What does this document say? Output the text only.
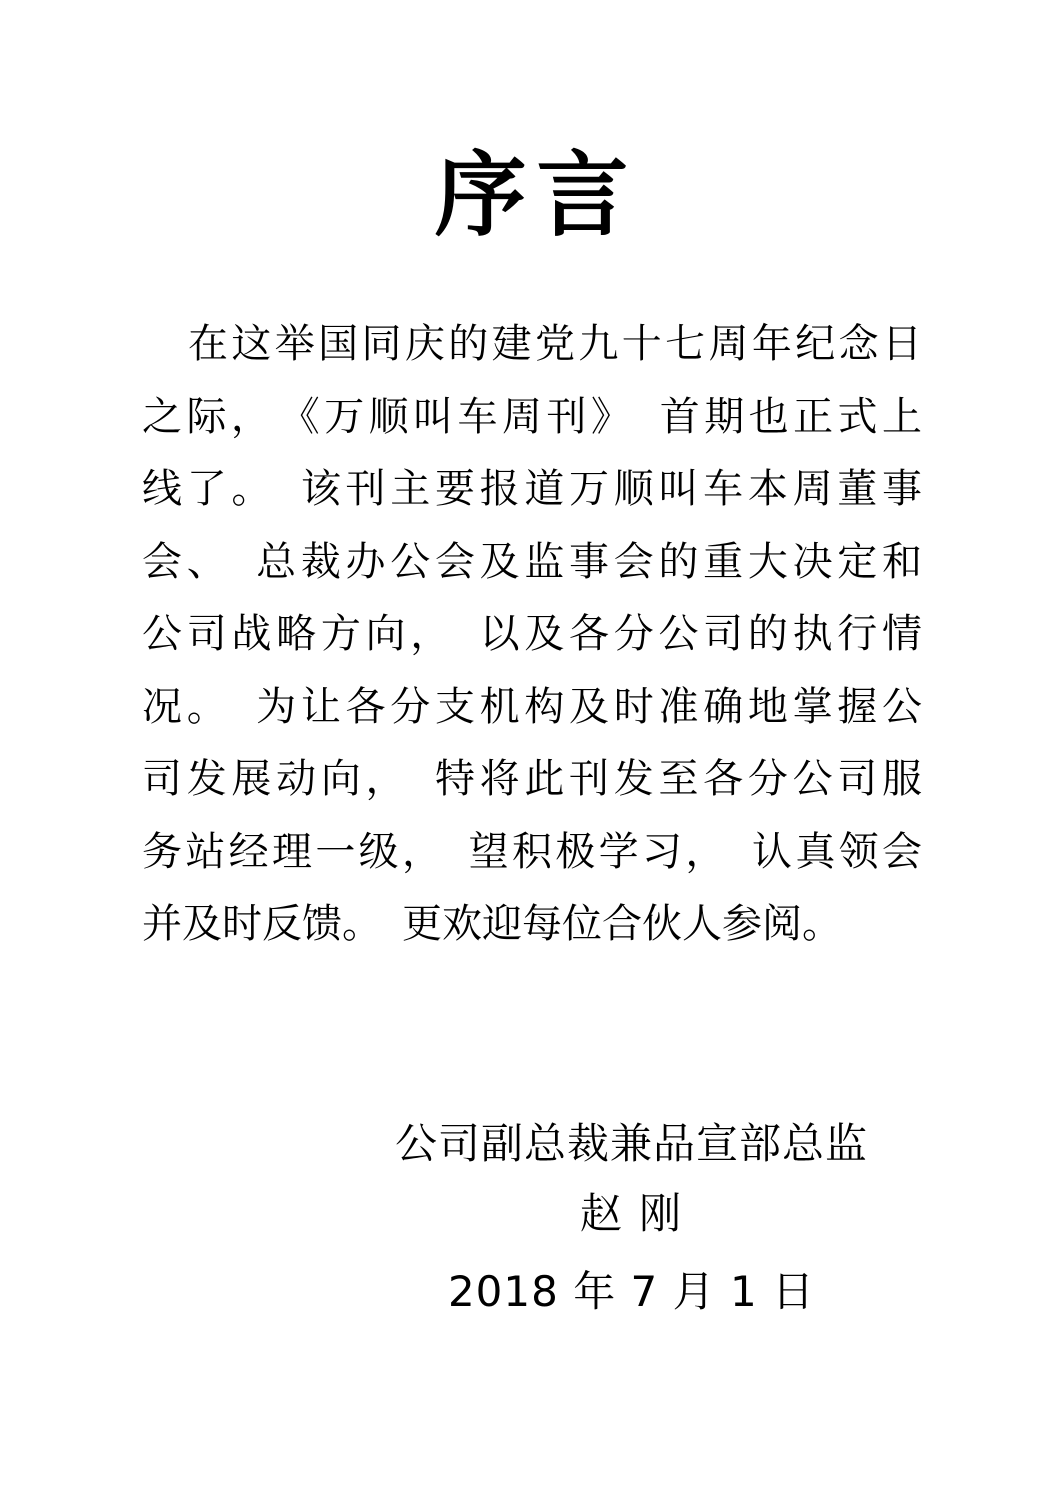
序言
在这举国同庆的建党九十七周年纪念日
之际，　《万顺叫车周刊》　首期也正式上
线了。　该刊主要报道万顺叫车本周董事
会、　总裁办公会及监事会的重大决定和
公司战略方向，　以及各分公司的执行情
况。　为让各分支机构及时准确地掌握公
司发展动向，　特将此刊发至各分公司服
务站经理一级，　望积极学习，　认真领会
并及时反馈。　更欢迎每位合伙人参阅。
公司副总裁兼品宣部总监
赵 刚
2018 年 7 月 1 日
